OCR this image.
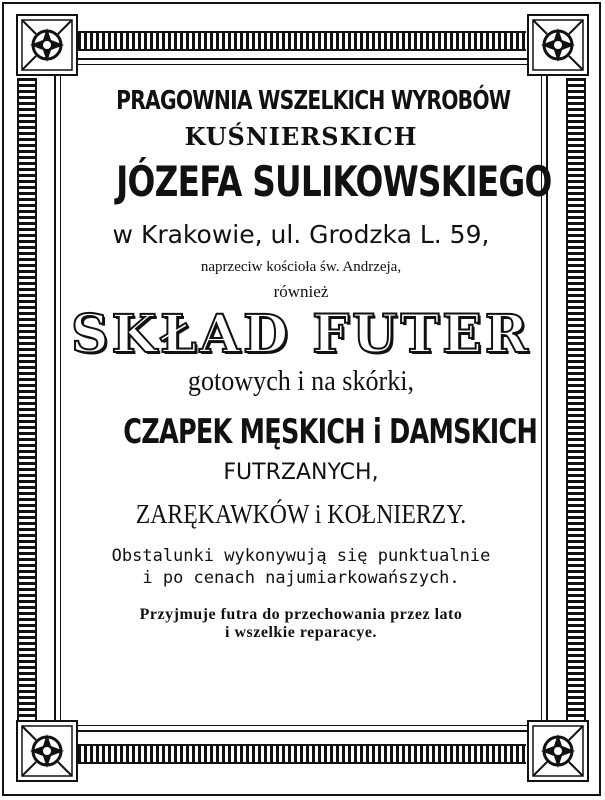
PRAGOWNIA WSZELKICH WYROBÓW
KUŚNIERSKICH
JÓZEFA SULIKOWSKIEGO
w Krakowie, ul. Grodzka L. 59,
naprzeciw kościoła św. Andrzeja,
również
SKŁAD FUTER
gotowych i na skórki,
CZAPEK MĘSKICH i DAMSKICH
FUTRZANYCH,
ZARĘKAWKÓW i KOŁNIERZY.
Obstalunki wykonywują się punktualnie
i po cenach najumiarkowańszych.
Przyjmuje futra do przechowania przez lato
i wszelkie reparacye.
